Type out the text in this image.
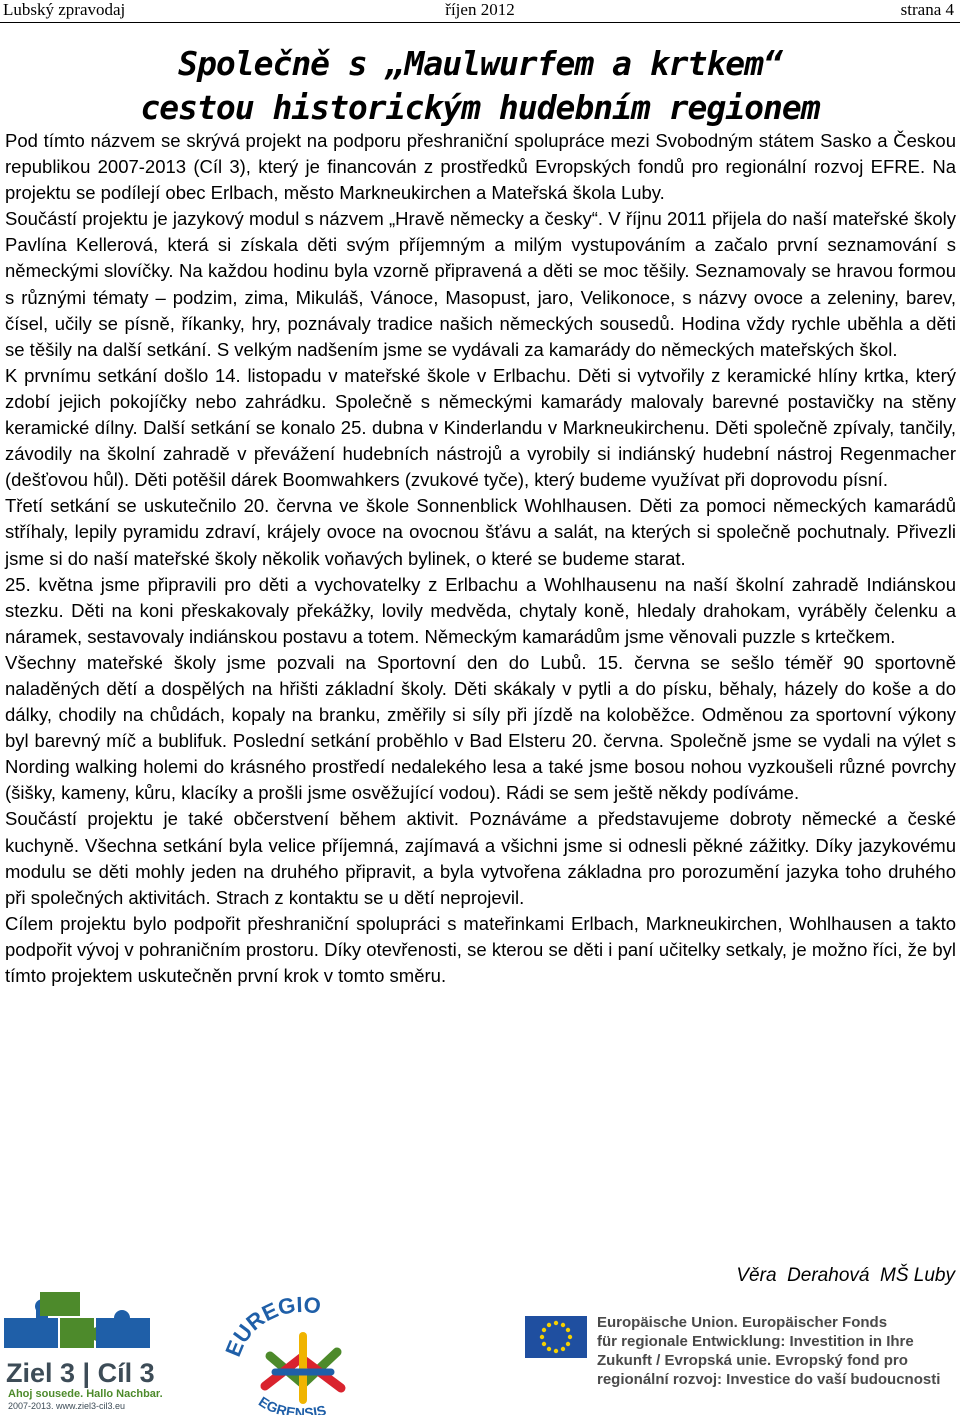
říjen 2012
Lubský zpravodaj	strana 4
Společně s „Maulwurfem a krtkem“
cestou historickým hudebním regionem

Pod tímto názvem se skrývá projekt na podporu přeshraniční spolupráce mezi Svobodným státem Sasko a Českou republikou 2007-2013 (Cíl 3), který je financován z prostředků Evropských fondů pro regionální rozvoj EFRE. Na projektu se podílejí obec Erlbach, město Markneukirchen a Mateřská škola Luby.

Součástí projektu je jazykový modul s názvem „Hravě německy a česky“. V říjnu 2011 přijela do naší mateřské školy Pavlína Kellerová, která si získala děti svým příjemným a milým vystupováním a začalo první seznamování s německými slovíčky. Na každou hodinu byla vzorně připravená a děti se moc těšily. Seznamovaly se hravou formou s různými tématy – podzim, zima, Mikuláš, Vánoce, Masopust, jaro, Velikonoce, s názvy ovoce a zeleniny, barev, čísel, učily se písně, říkanky, hry, poznávaly tradice našich německých sousedů. Hodina vždy rychle uběhla a děti se těšily na další setkání. S velkým nadšením jsme se vydávali za kamarády do německých mateřských škol.

K prvnímu setkání došlo 14. listopadu v mateřské škole v Erlbachu. Děti si vytvořily z keramické hlíny krtka, který zdobí jejich pokojíčky nebo zahrádku. Společně s německými kamarády malovaly barevné postavičky na stěny keramické dílny. Další setkání se konalo 25. dubna v Kinderlandu v Markneukirchenu. Děti společně zpívaly, tančily, závodily na školní zahradě v převážení hudebních nástrojů a vyrobily si indiánský hudební nástroj Regenmacher (dešťovou hůl). Děti potěšil dárek Boomwahkers (zvukové tyče), který budeme využívat při doprovodu písní.

Třetí setkání se uskutečnilo 20. června ve škole Sonnenblick Wohlhausen. Děti za pomoci německých kamarádů stříhaly, lepily pyramidu zdraví, krájely ovoce na ovocnou šťávu a salát, na kterých si společně pochutnaly. Přivezli jsme si do naší mateřské školy několik voňavých bylinek, o které se budeme starat.

25. května jsme připravili pro děti a vychovatelky z Erlbachu a Wohlhausenu na naší školní zahradě Indiánskou stezku. Děti na koni přeskakovaly překážky, lovily medvěda, chytaly koně, hledaly drahokam, vyráběly čelenku a náramek, sestavovaly indiánskou postavu a totem. Německým kamarádům jsme věnovali puzzle s krtečkem.

Všechny mateřské školy jsme pozvali na Sportovní den do Lubů. 15. června se sešlo téměř 90 sportovně naladěných dětí a dospělých na hřišti základní školy. Děti skákaly v pytli a do písku, běhaly, házely do koše a do dálky, chodily na chůdách, kopaly na branku, změřily si síly při jízdě na koloběžce. Odměnou za sportovní výkony byl barevný míč a bublifuk. Poslední setkání proběhlo v Bad Elsteru 20. června. Společně jsme se vydali na výlet s Nording walking holemi do krásného prostředí nedalekého lesa a také jsme bosou nohou vyzkoušeli různé povrchy (šišky, kameny, kůru, klacíky a prošli jsme osvěžující vodou). Rádi se sem ještě někdy podíváme.

Součástí projektu je také občerstvení během aktivit. Poznáváme a představujeme dobroty německé a české kuchyně. Všechna setkání byla velice příjemná, zajímavá a všichni jsme si odnesli pěkné zážitky. Díky jazykovému modulu se děti mohly jeden na druhého připravit, a byla vytvořena základna pro porozumění jazyka toho druhého při společných aktivitách. Strach z kontaktu se u dětí neprojevil.

Cílem projektu bylo podpořit přeshraniční spolupráci s mateřinkami Erlbach, Markneukirchen, Wohlhausen a takto podpořit vývoj v pohraničním prostoru. Díky otevřenosti, se kterou se děti i paní učitelky setkaly, je možno říci, že byl tímto projektem uskutečněn první krok v tomto směru.

Věra  Derahová  MŠ Luby
Ziel 3 | Cíl 3
Ahoj sousede. Hallo Nachbar.
2007-2013. www.ziel3-cil3.eu
EUREGIO
EGRENSIS
Europäische Union. Europäischer Fonds
für regionale Entwicklung: Investition in Ihre
Zukunft / Evropská unie. Evropský fond pro
regionální rozvoj: Investice do vaší budoucnosti
